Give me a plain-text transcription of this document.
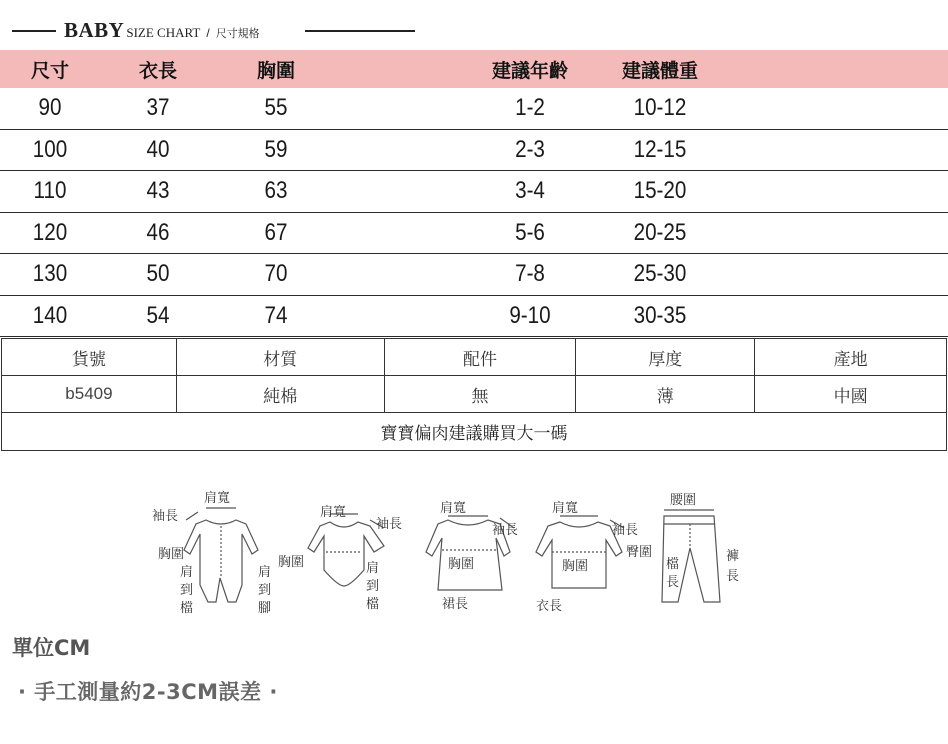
BABY SIZE CHART / 尺寸規格
尺寸	衣長	胸圍	建議年齡	建議體重
90	37	55	1-2	10-12
100	40	59	2-3	12-15
110	43	63	3-4	15-20
120	46	67	5-6	20-25
130	50	70	7-8	25-30
140	54	74	9-10	30-35
貨號	材質	配件	厚度	產地
b5409	純棉	無	薄	中國
寶寶偏肉建議購買大一碼				
肩寬
袖長
胸圍
肩
到
檔
肩
到
腳
肩寬
袖長
胸圍	肩
到
檔
肩寬
袖長
胸圍
裙長
肩寬
袖長
胸圍
衣長
腰圍
臀圍
檔
長
褲
長
單位CM
· 手工測量約2-3CM誤差 ·
